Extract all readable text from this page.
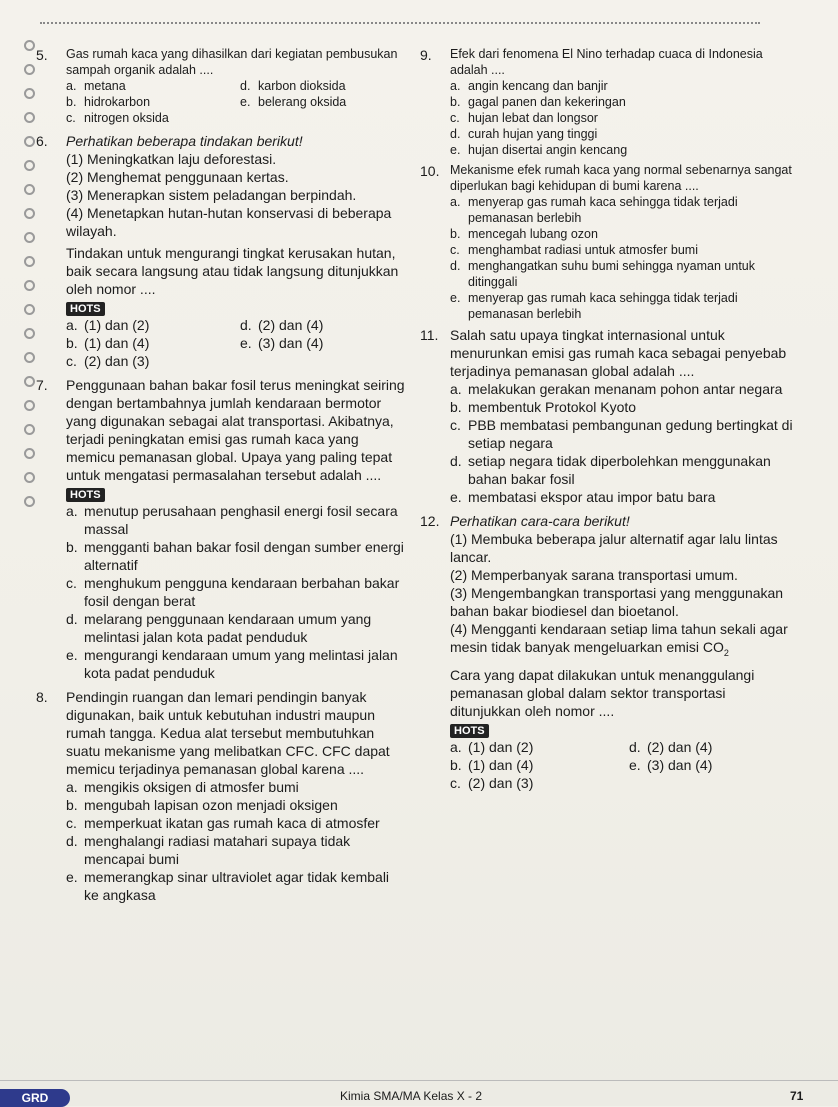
5.	Gas rumah kaca yang dihasilkan dari kegiatan pembusukan sampah organik adalah ....
a. metana	d. karbon dioksida
b. hidrokarbon	e. belerang oksida
c. nitrogen oksida
6.	Perhatikan beberapa tindakan berikut!
(1) Meningkatkan laju deforestasi.
(2) Menghemat penggunaan kertas.
(3) Menerapkan sistem peladangan berpindah.
(4) Menetapkan hutan-hutan konservasi di beberapa wilayah.
Tindakan untuk mengurangi tingkat kerusakan hutan, baik secara langsung atau tidak langsung ditunjukkan oleh nomor ....
HOTS
a. (1) dan (2)	d. (2) dan (4)
b. (1) dan (4)	e. (3) dan (4)
c. (2) dan (3)
7.	Penggunaan bahan bakar fosil terus meningkat seiring dengan bertambahnya jumlah kendaraan bermotor yang digunakan sebagai alat transportasi. Akibatnya, terjadi peningkatan emisi gas rumah kaca yang memicu pemanasan global. Upaya yang paling tepat untuk mengatasi permasalahan tersebut adalah .... HOTS
a. menutup perusahaan penghasil energi fosil secara massal
b. mengganti bahan bakar fosil dengan sumber energi alternatif
c. menghukum pengguna kendaraan berbahan bakar fosil dengan berat
d. melarang penggunaan kendaraan umum yang melintasi jalan kota padat penduduk
e. mengurangi kendaraan umum yang melintasi jalan kota padat penduduk
8.	Pendingin ruangan dan lemari pendingin banyak digunakan, baik untuk kebutuhan industri maupun rumah tangga. Kedua alat tersebut membutuhkan suatu mekanisme yang melibatkan CFC. CFC dapat memicu terjadinya pemanasan global karena ....
a. mengikis oksigen di atmosfer bumi
b. mengubah lapisan ozon menjadi oksigen
c. memperkuat ikatan gas rumah kaca di atmosfer
d. menghalangi radiasi matahari supaya tidak mencapai bumi
e. memerangkap sinar ultraviolet agar tidak kembali ke angkasa
9.	Efek dari fenomena El Nino terhadap cuaca di Indonesia adalah ....
a. angin kencang dan banjir
b. gagal panen dan kekeringan
c. hujan lebat dan longsor
d. curah hujan yang tinggi
e. hujan disertai angin kencang
10. Mekanisme efek rumah kaca yang normal sebenarnya sangat diperlukan bagi kehidupan di bumi karena ....
a. menyerap gas rumah kaca sehingga tidak terjadi pemanasan berlebih
b. mencegah lubang ozon
c. menghambat radiasi untuk atmosfer bumi
d. menghangatkan suhu bumi sehingga nyaman untuk ditinggali
e. menyerap gas rumah kaca sehingga tidak terjadi pemanasan berlebih
11. Salah satu upaya tingkat internasional untuk menurunkan emisi gas rumah kaca sebagai penyebab terjadinya pemanasan global adalah ....
a. melakukan gerakan menanam pohon antar negara
b. membentuk Protokol Kyoto
c. PBB membatasi pembangunan gedung bertingkat di setiap negara
d. setiap negara tidak diperbolehkan menggunakan bahan bakar fosil
e. membatasi ekspor atau impor batu bara
12. Perhatikan cara-cara berikut!
(1) Membuka beberapa jalur alternatif agar lalu lintas lancar.
(2) Memperbanyak sarana transportasi umum.
(3) Mengembangkan transportasi yang menggunakan bahan bakar biodiesel dan bioetanol.
(4) Mengganti kendaraan setiap lima tahun sekali agar mesin tidak banyak mengeluarkan emisi $CO_2$
Cara yang dapat dilakukan untuk menanggulangi pemanasan global dalam sektor transportasi ditunjukkan oleh nomor ....
HOTS
a. (1) dan (2)	d. (2) dan (4)
b. (1) dan (4)	e. (3) dan (4)
c. (2) dan (3)
GRD	Kimia SMA/MA Kelas X - 2	71
